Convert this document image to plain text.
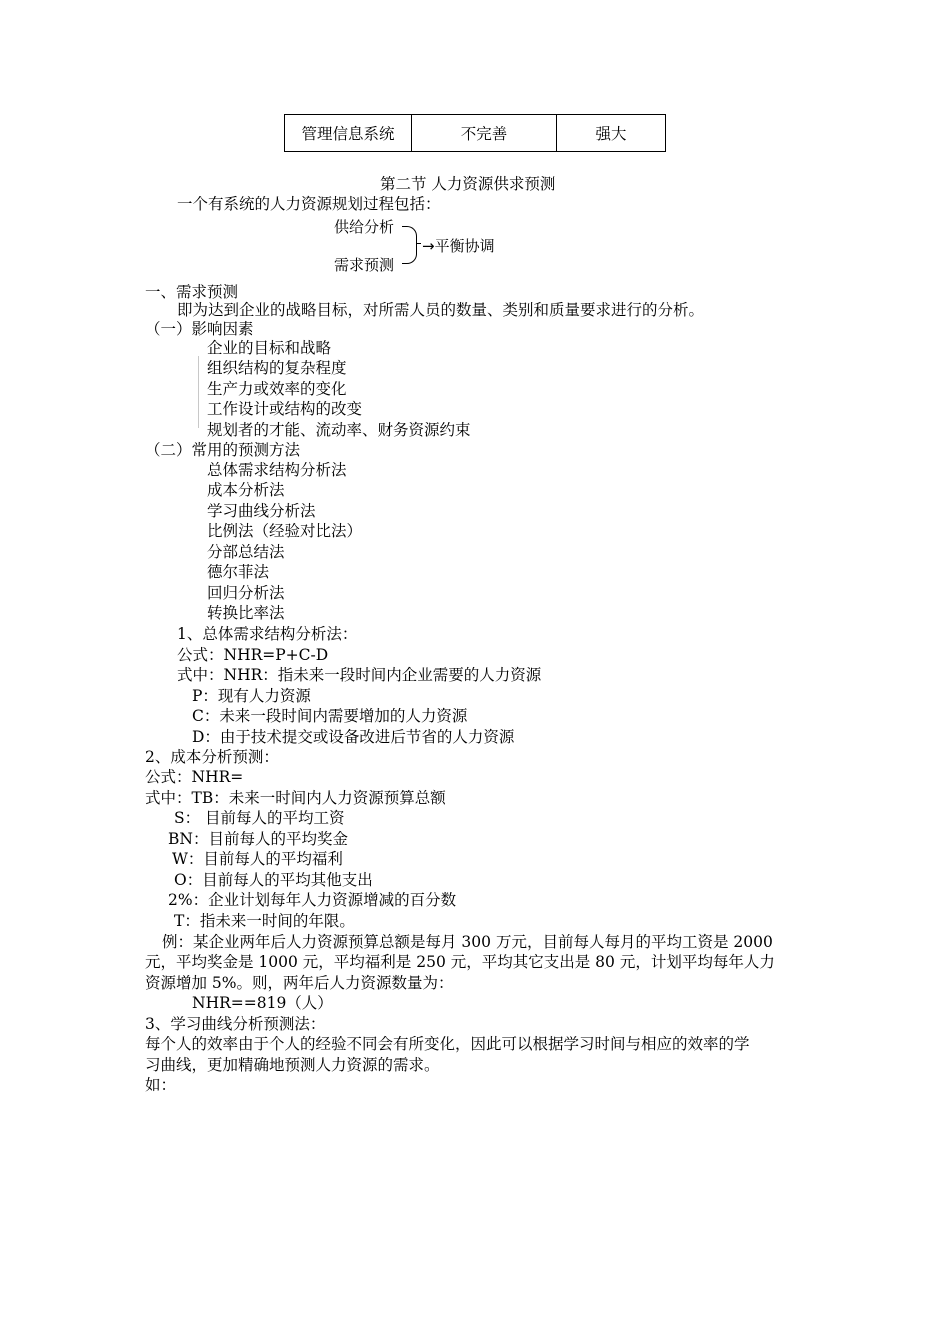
管理信息系统	不完善	强大
第二节 人力资源供求预测
一个有系统的人力资源规划过程包括：
供给分析
需求预测
→平衡协调
一、需求预测
即为达到企业的战略目标，对所需人员的数量、类别和质量要求进行的分析。
（一）影响因素
企业的目标和战略
组织结构的复杂程度
生产力或效率的变化
工作设计或结构的改变
规划者的才能、流动率、财务资源约束
（二）常用的预测方法
总体需求结构分析法
成本分析法
学习曲线分析法
比例法（经验对比法）
分部总结法
德尔菲法
回归分析法
转换比率法
1、总体需求结构分析法：
公式：NHR=P+C-D
式中：NHR：指未来一段时间内企业需要的人力资源
P：现有人力资源
C：未来一段时间内需要增加的人力资源
D：由于技术提交或设备改进后节省的人力资源
2、成本分析预测：
公式：NHR=
式中：TB：未来一时间内人力资源预算总额
S： 目前每人的平均工资
BN：目前每人的平均奖金
W：目前每人的平均福利
O：目前每人的平均其他支出
2%：企业计划每年人力资源增减的百分数
T：指未来一时间的年限。
例：某企业两年后人力资源预算总额是每月 300 万元，目前每人每月的平均工资是 2000
元，平均奖金是 1000 元，平均福利是 250 元，平均其它支出是 80 元，计划平均每年人力
资源增加 5%。则，两年后人力资源数量为：
NHR==819（人）
3、学习曲线分析预测法：
每个人的效率由于个人的经验不同会有所变化，因此可以根据学习时间与相应的效率的学
习曲线，更加精确地预测人力资源的需求。
如：
